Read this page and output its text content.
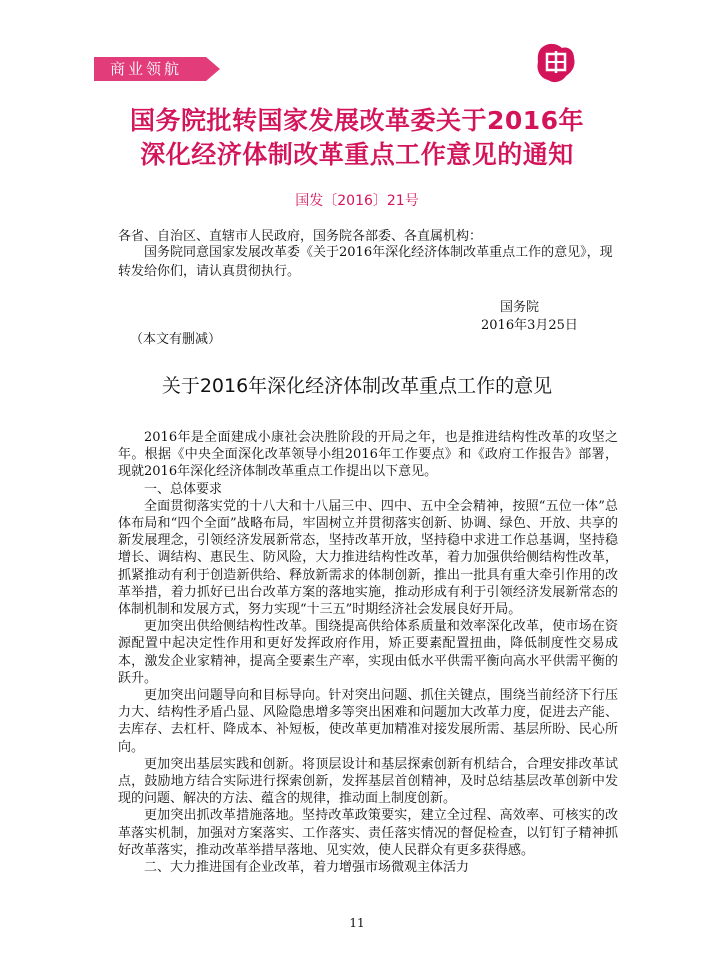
商业领航
国务院批转国家发展改革委关于2016年
深化经济体制改革重点工作意见的通知
国发〔2016〕21号
各省、自治区、直辖市人民政府，国务院各部委、各直属机构：
国务院同意国家发展改革委《关于2016年深化经济体制改革重点工作的意见》，现转发给你们，请认真贯彻执行。
国务院
2016年3月25日
（本文有删减）
关于2016年深化经济体制改革重点工作的意见

2016年是全面建成小康社会决胜阶段的开局之年，也是推进结构性改革的攻坚之年。根据《中央全面深化改革领导小组2016年工作要点》和《政府工作报告》部署，现就2016年深化经济体制改革重点工作提出以下意见。

一、总体要求

全面贯彻落实党的十八大和十八届三中、四中、五中全会精神，按照“五位一体”总体布局和“四个全面”战略布局，牢固树立并贯彻落实创新、协调、绿色、开放、共享的新发展理念，引领经济发展新常态，坚持改革开放，坚持稳中求进工作总基调，坚持稳增长、调结构、惠民生、防风险，大力推进结构性改革，着力加强供给侧结构性改革，抓紧推动有利于创造新供给、释放新需求的体制创新，推出一批具有重大牵引作用的改革举措，着力抓好已出台改革方案的落地实施，推动形成有利于引领经济发展新常态的体制机制和发展方式，努力实现“十三五”时期经济社会发展良好开局。

更加突出供给侧结构性改革。围绕提高供给体系质量和效率深化改革，使市场在资源配置中起决定性作用和更好发挥政府作用，矫正要素配置扭曲，降低制度性交易成本，激发企业家精神，提高全要素生产率，实现由低水平供需平衡向高水平供需平衡的跃升。

更加突出问题导向和目标导向。针对突出问题、抓住关键点，围绕当前经济下行压力大、结构性矛盾凸显、风险隐患增多等突出困难和问题加大改革力度，促进去产能、去库存、去杠杆、降成本、补短板，使改革更加精准对接发展所需、基层所盼、民心所向。

更加突出基层实践和创新。将顶层设计和基层探索创新有机结合，合理安排改革试点，鼓励地方结合实际进行探索创新，发挥基层首创精神，及时总结基层改革创新中发现的问题、解决的方法、蕴含的规律，推动面上制度创新。

更加突出抓改革措施落地。坚持改革政策要实，建立全过程、高效率、可核实的改革落实机制，加强对方案落实、工作落实、责任落实情况的督促检查，以钉钉子精神抓好改革落实，推动改革举措早落地、见实效，使人民群众有更多获得感。

二、大力推进国有企业改革，着力增强市场微观主体活力

11
